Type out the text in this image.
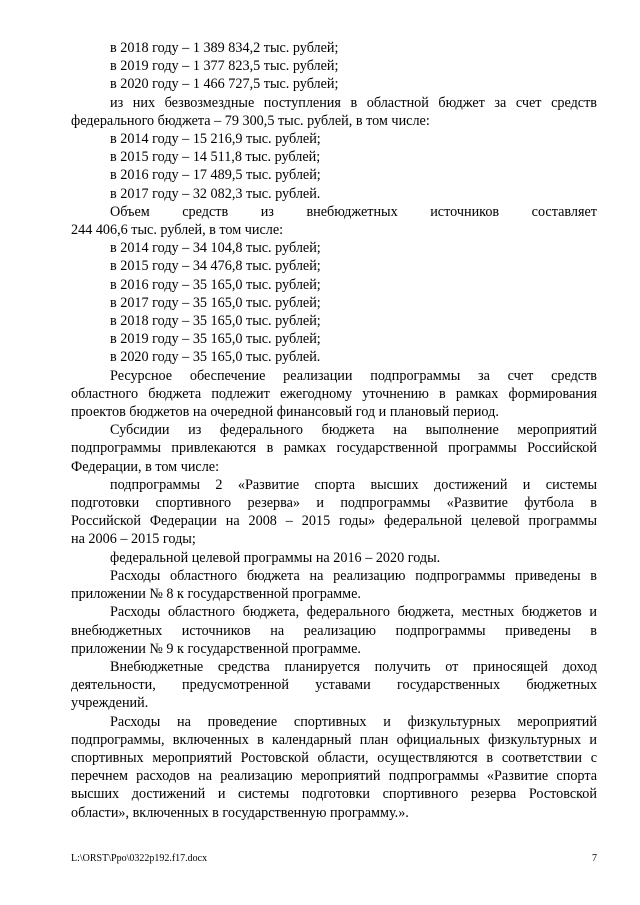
в 2018 году – 1 389 834,2 тыс. рублей;
в 2019 году – 1 377 823,5 тыс. рублей;
в 2020 году – 1 466 727,5 тыс. рублей;
из них безвозмездные поступления в областной бюджет за счет средств
федерального бюджета – 79 300,5 тыс. рублей, в том числе:
в 2014 году – 15 216,9 тыс. рублей;
в 2015 году – 14 511,8 тыс. рублей;
в 2016 году – 17 489,5 тыс. рублей;
в 2017 году – 32 082,3 тыс. рублей.
Объем средств из внебюджетных источников составляет
244 406,6 тыс. рублей, в том числе:
в 2014 году – 34 104,8 тыс. рублей;
в 2015 году – 34 476,8 тыс. рублей;
в 2016 году – 35 165,0 тыс. рублей;
в 2017 году – 35 165,0 тыс. рублей;
в 2018 году – 35 165,0 тыс. рублей;
в 2019 году – 35 165,0 тыс. рублей;
в 2020 году – 35 165,0 тыс. рублей.
Ресурсное обеспечение реализации подпрограммы за счет средств
областного бюджета подлежит ежегодному уточнению в рамках формирования
проектов бюджетов на очередной финансовый год и плановый период.
Субсидии из федерального бюджета на выполнение мероприятий
подпрограммы привлекаются в рамках государственной программы Российской
Федерации, в том числе:
подпрограммы 2 «Развитие спорта высших достижений и системы
подготовки спортивного резерва» и подпрограммы «Развитие футбола в
Российской Федерации на 2008 – 2015 годы» федеральной целевой программы
на 2006 – 2015 годы;
федеральной целевой программы на 2016 – 2020 годы.
Расходы областного бюджета на реализацию подпрограммы приведены в
приложении № 8 к государственной программе.
Расходы областного бюджета, федерального бюджета, местных бюджетов и
внебюджетных источников на реализацию подпрограммы приведены в
приложении № 9 к государственной программе.
Внебюджетные средства планируется получить от приносящей доход
деятельности, предусмотренной уставами государственных бюджетных
учреждений.
Расходы на проведение спортивных и физкультурных мероприятий
подпрограммы, включенных в календарный план официальных физкультурных и
спортивных мероприятий Ростовской области, осуществляются в соответствии с
перечнем расходов на реализацию мероприятий подпрограммы «Развитие спорта
высших достижений и системы подготовки спортивного резерва Ростовской
области», включенных в государственную программу.».
L:\ORST\Ppo\0322p192.f17.docx	7
